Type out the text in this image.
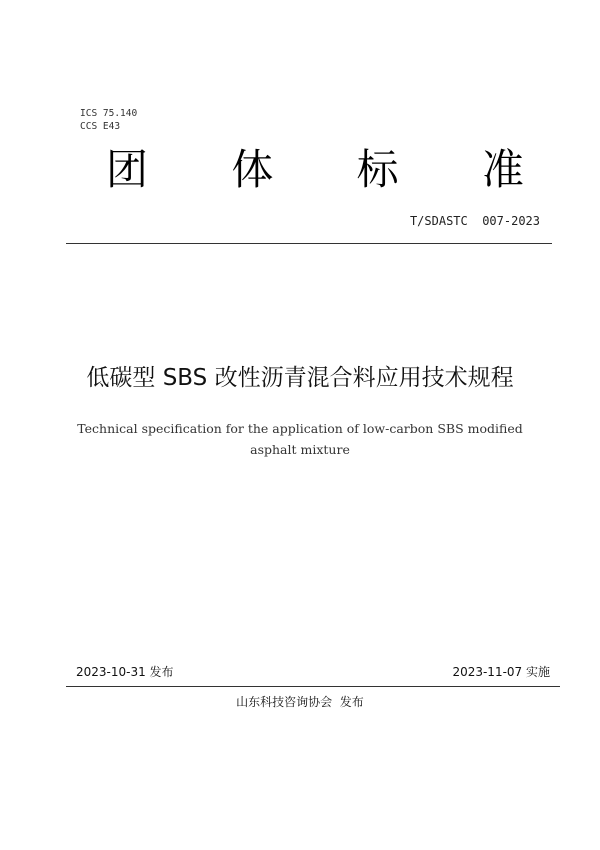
ICS 75.140
CCS E43
团 体 标 准
T/SDASTC  007-2023
低碳型 SBS 改性沥青混合料应用技术规程
Technical specification for the application of low-carbon SBS modified asphalt mixture
2023-10-31 发布	2023-11-07 实施
山东科技咨询协会  发布
